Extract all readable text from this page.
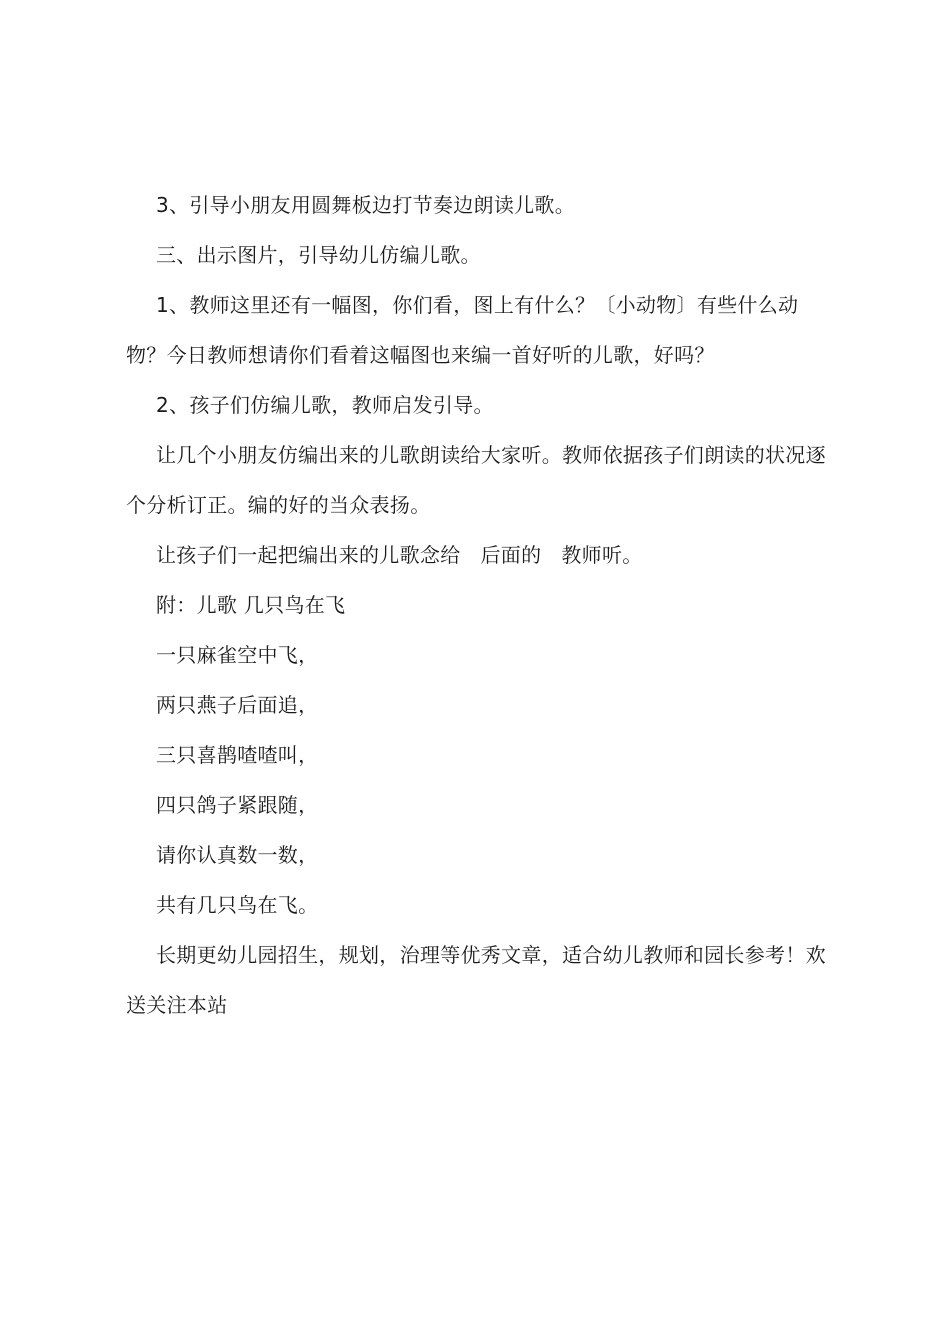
3、引导小朋友用圆舞板边打节奏边朗读儿歌。

三、出示图片，引导幼儿仿编儿歌。

1、教师这里还有一幅图，你们看，图上有什么？〔小动物〕有些什么动物？今日教师想请你们看着这幅图也来编一首好听的儿歌，好吗？

2、孩子们仿编儿歌，教师启发引导。

让几个小朋友仿编出来的儿歌朗读给大家听。教师依据孩子们朗读的状况逐个分析订正。编的好的当众表扬。

让孩子们一起把编出来的儿歌念给   后面的   教师听。

附：儿歌 几只鸟在飞

一只麻雀空中飞，

两只燕子后面追，

三只喜鹊喳喳叫，

四只鸽子紧跟随，

请你认真数一数，

共有几只鸟在飞。

长期更幼儿园招生，规划，治理等优秀文章，适合幼儿教师和园长参考！欢送关注本站
